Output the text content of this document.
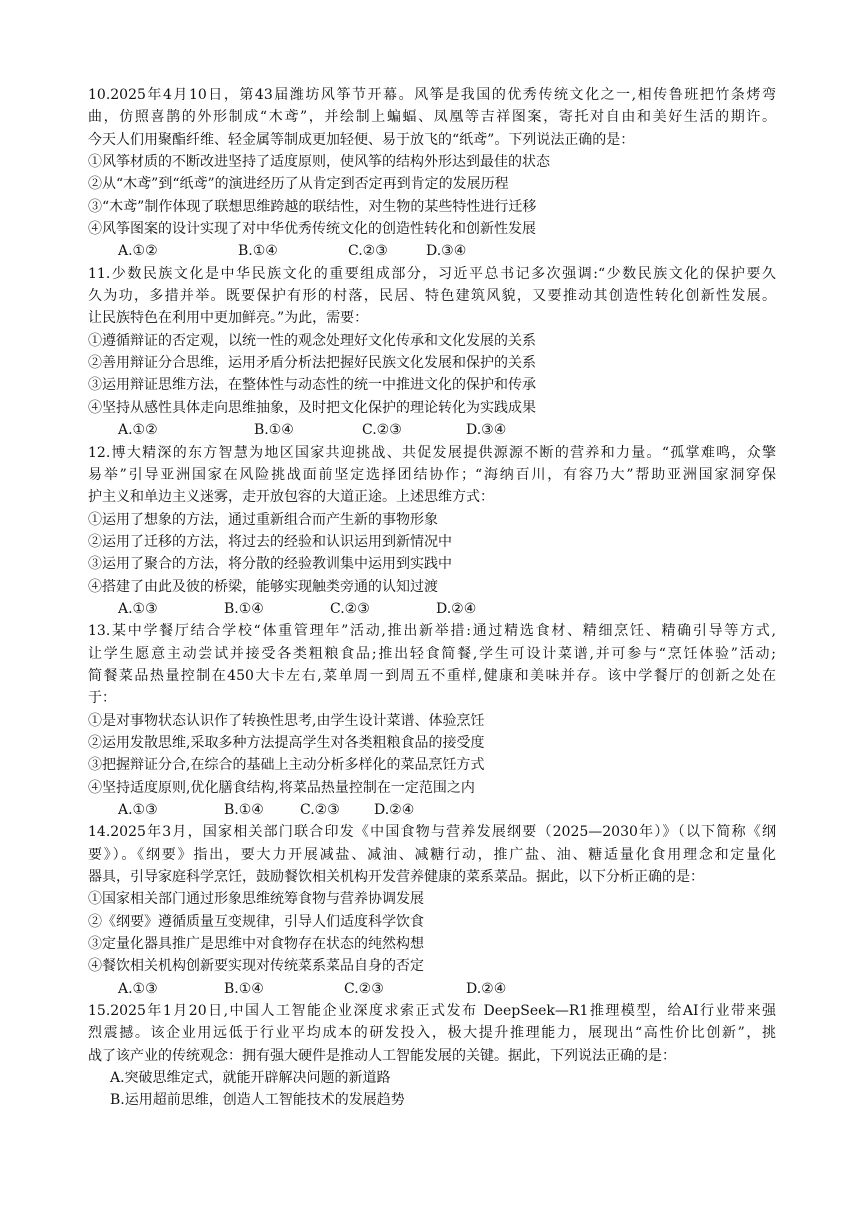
10.2025年4月10日，第43届潍坊风筝节开幕。风筝是我国的优秀传统文化之一,相传鲁班把竹条烤弯
曲，仿照喜鹊的外形制成“木鸢”，并绘制上蝙蝠、凤凰等吉祥图案，寄托对自由和美好生活的期许。
今天人们用聚酯纤维、轻金属等制成更加轻便、易于放飞的“纸鸢”。下列说法正确的是：
①风筝材质的不断改进坚持了适度原则，使风筝的结构外形达到最佳的状态
②从“木鸢”到“纸鸢”的演进经历了从肯定到否定再到肯定的发展历程
③“木鸢”制作体现了联想思维跨越的联结性，对生物的某些特性进行迁移
④风筝图案的设计实现了对中华优秀传统文化的创造性转化和创新性发展
A.①②	B.①④	C.②③	D.③④
11.少数民族文化是中华民族文化的重要组成部分，习近平总书记多次强调:“少数民族文化的保护要久
久为功，多措并举。既要保护有形的村落，民居、特色建筑风貌，又要推动其创造性转化创新性发展。
让民族特色在利用中更加鲜亮。”为此，需要：
①遵循辩证的否定观，以统一性的观念处理好文化传承和文化发展的关系
②善用辩证分合思维，运用矛盾分析法把握好民族文化发展和保护的关系
③运用辩证思维方法，在整体性与动态性的统一中推进文化的保护和传承
④坚持从感性具体走向思维抽象，及时把文化保护的理论转化为实践成果
A.①②	B.①④	C.②③	D.③④
12.博大精深的东方智慧为地区国家共迎挑战、共促发展提供源源不断的营养和力量。“孤掌难鸣，众擎
易举”引导亚洲国家在风险挑战面前坚定选择团结协作；“海纳百川，有容乃大”帮助亚洲国家洞穿保
护主义和单边主义迷雾，走开放包容的大道正途。上述思维方式：
①运用了想象的方法，通过重新组合而产生新的事物形象
②运用了迁移的方法，将过去的经验和认识运用到新情况中
③运用了聚合的方法，将分散的经验教训集中运用到实践中
④搭建了由此及彼的桥梁，能够实现触类旁通的认知过渡
A.①③	B.①④	C.②③	D.②④
13.某中学餐厅结合学校“体重管理年”活动,推出新举措:通过精选食材、精细烹饪、精确引导等方式,
让学生愿意主动尝试并接受各类粗粮食品;推出轻食简餐,学生可设计菜谱,并可参与“烹饪体验”活动;
简餐菜品热量控制在450大卡左右,菜单周一到周五不重样,健康和美味并存。该中学餐厅的创新之处在
于：
①是对事物状态认识作了转换性思考,由学生设计菜谱、体验烹饪
②运用发散思维,采取多种方法提高学生对各类粗粮食品的接受度
③把握辩证分合,在综合的基础上主动分析多样化的菜品烹饪方式
④坚持适度原则,优化膳食结构,将菜品热量控制在一定范围之内
A.①③	B.①④	C.②③	D.②④
14.2025年3月，国家相关部门联合印发《中国食物与营养发展纲要（2025—2030年）》（以下简称《纲
要》）。《纲要》指出，要大力开展减盐、减油、减糖行动，推广盐、油、糖适量化食用理念和定量化
器具，引导家庭科学烹饪，鼓励餐饮相关机构开发营养健康的菜系菜品。据此，以下分析正确的是：
①国家相关部门通过形象思维统筹食物与营养协调发展
②《纲要》遵循质量互变规律，引导人们适度科学饮食
③定量化器具推广是思维中对食物存在状态的纯然构想
④餐饮相关机构创新要实现对传统菜系菜品自身的否定
A.①③	B.①④	C.②③	D.②④
15.2025年1月20日,中国人工智能企业深度求索正式发布 DeepSeek—R1推理模型，给AI行业带来强
烈震撼。该企业用远低于行业平均成本的研发投入，极大提升推理能力，展现出“高性价比创新”，挑
战了该产业的传统观念：拥有强大硬件是推动人工智能发展的关键。据此，下列说法正确的是：
A.突破思维定式，就能开辟解决问题的新道路
B.运用超前思维，创造人工智能技术的发展趋势
